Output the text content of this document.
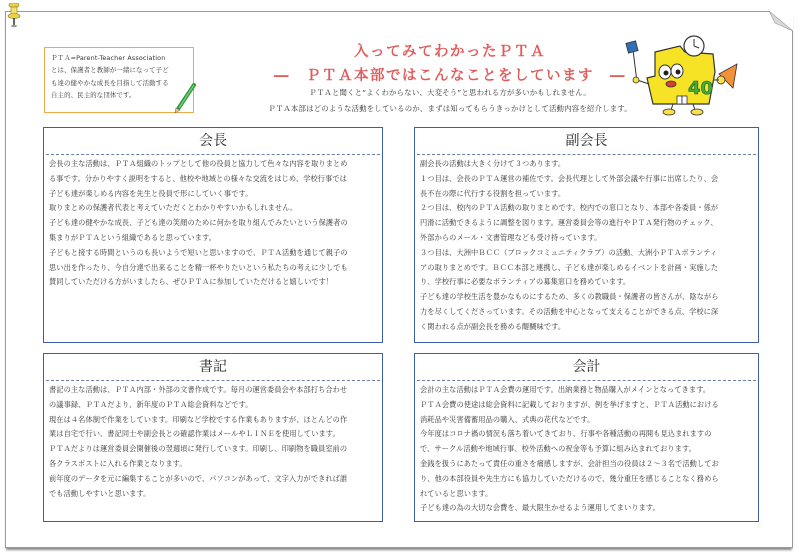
ＰＴＡ=Parent-Teacher Association
とは、保護者と教師が一緒になって子ど
も達の健やかな成長を目指して活動する
自主的、民主的な団体です。
入ってみてわかったＰＴＡ
―　ＰＴＡ本部ではこんなことをしています　―
ＰＴＡと聞くと“よくわからない、大変そう”と思われる方が多いかもしれません。
ＰＴＡ本部はどのような活動をしているのか、まずは知ってもらうきっかけとして活動内容を紹介します。
40
会長
会長の主な活動は、ＰＴＡ組織のトップとして他の役員と協力して色々な内容を取りまとめ
る事です。分かりやすく説明をすると、他校や地域との様々な交流をはじめ、学校行事では
子ども達が楽しめる内容を先生と役員で形にしていく事です。
取りまとめの保護者代表と考えていただくとわかりやすいかもしれません。
子ども達の健やかな成長、子ども達の笑顔のために何かを取り組んでみたいという保護者の
集まりがＰＴＡという組織であると思っています。
子どもと接する時間というのも長いようで短いと思いますので、ＰＴＡ活動を通じて親子の
思い出を作ったり、今自分達で出来ることを精一杯やりたいという私たちの考えに少しでも
賛同していただける方がいましたら、ぜひＰＴＡに参加していただけると嬉しいです！
副会長
副会長の活動は大きく分けて３つあります。
１つ目は、会長のＰＴＡ運営の補佐です。会長代理として外部会議や行事に出席したり、会
長不在の際に代行する役割を担っています。
２つ目は、校内のＰＴＡ活動の取りまとめです。校内での窓口となり、本部や各委員・係が
円滑に活動できるように調整を図ります。運営委員会等の進行やＰＴＡ発行物のチェック、
外部からのメール・文書管理なども受け持っています。
３つ目は、大洲中ＢＣＣ（ブロックコミュニティクラブ）の活動、大洲小ＰＴＡボランティ
アの取りまとめです。ＢＣＣ本部と連携し、子ども達が楽しめるイベントを計画・実施した
り、学校行事に必要なボランティアの募集窓口を務めています。
子ども達の学校生活を豊かなものにするため、多くの教職員・保護者の皆さんが、陰ながら
力を尽くしてくださっています。その活動を中心となって支えることができる点、学校に深
く関われる点が副会長を務める醍醐味です。
書記
書記の主な活動は、ＰＴＡ内部・外部の文書作成です。毎月の運営委員会や本部打ち合わせ
の議事録、ＰＴＡだより、新年度のＰＴＡ総会資料などです。
現在は４名体制で作業をしています。印刷など学校でする作業もありますが、ほとんどの作
業は自宅で行い、書記同士や副会長との確認作業はメールやＬＩＮＥを使用しています。
ＰＴＡだよりは運営委員会開催後の翌週頃に発行しています。印刷し、印刷物を職員室前の
各クラスポストに入れる作業となります。
前年度のデータを元に編集することが多いので、パソコンがあって、文字入力ができれば誰
でも活動しやすいと思います。
会計
会計の主な活動はＰＴＡ会費の運用です。出納業務と物品購入がメインとなってきます。
ＰＴＡ会費の使途は総会資料に記載しておりますが、例を挙げますと、ＰＴＡ活動における
消耗品や災害備蓄用品の購入、式典の花代などです。
今年度はコロナ禍の情況も落ち着いてきており、行事や各種活動の再開も見込まれますの
で、サークル活動や地域行事、校外活動への祝金等も予算に組み込まれております。
金銭を扱うにあたって責任の重さを痛感しますが、会計担当の役員は２～３名で活動してお
り、他の本部役員や先生方にも協力していただけるので、幾分重圧を感じることなく務めら
れていると思います。
子ども達の為の大切な会費を、最大限生かせるよう運用してまいります。
